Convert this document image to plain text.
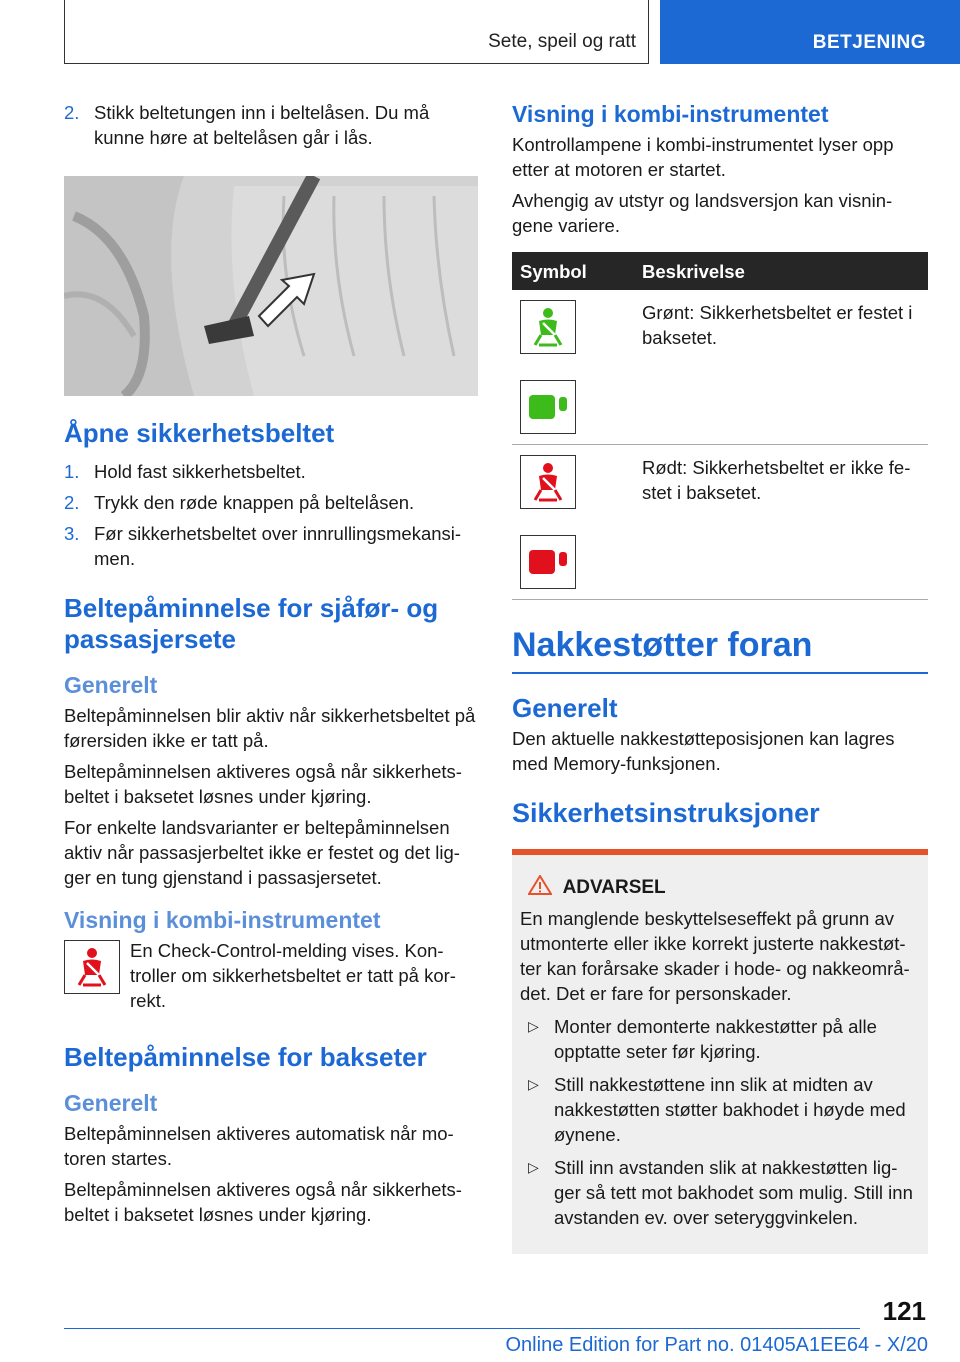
Sete, speil og ratt	BETJENING
2. Stikk beltetungen inn i beltelåsen. Du må kunne høre at beltelåsen går i lås.
Åpne sikkerhetsbeltet
1. Hold fast sikkerhetsbeltet.
2. Trykk den røde knappen på beltelåsen.
3. Før sikkerhetsbeltet over innrullingsmekansi‐men.
Beltepåminnelse for sjåfør- og passasjersete
Generelt

Beltepåminnelsen blir aktiv når sikkerhetsbeltet på førersiden ikke er tatt på.

Beltepåminnelsen aktiveres også når sikkerhets‐beltet i baksetet løsnes under kjøring.

For enkelte landsvarianter er beltepåminnelsen aktiv når passasjerbeltet ikke er festet og det lig‐ger en tung gjenstand i passasjersetet.

Visning i kombi-instrumentet

En Check-Control-melding vises. Kon‐troller om sikkerhetsbeltet er tatt på kor‐rekt.

Beltepåminnelse for bakseter
Generelt

Beltepåminnelsen aktiveres automatisk når mo‐toren startes.

Beltepåminnelsen aktiveres også når sikkerhets‐beltet i baksetet løsnes under kjøring.

Visning i kombi-instrumentet

Kontrollampene i kombi-instrumentet lyser opp etter at motoren er startet.

Avhengig av utstyr og landsversjon kan visnin‐gene variere.

Symbol	Beskrivelse

	Grønt: Sikkerhetsbeltet er festet i baksetet.

	Rødt: Sikkerhetsbeltet er ikke fe‐stet i baksetet.
Nakkestøtter foran
Generelt

Den aktuelle nakkestøtteposisjonen kan lagres med Memory-funksjonen.

Sikkerhetsinstruksjoner
ADVARSEL

En manglende beskyttelseseffekt på grunn av utmonterte eller ikke korrekt justerte nakkestøt‐ter kan forårsake skader i hode- og nakkeområ‐det. Det er fare for personskader.

▷ Monter demonterte nakkestøtter på alle opptatte seter før kjøring.
▷ Still nakkestøttene inn slik at midten av nakkestøtten støtter bakhodet i høyde med øynene.
▷ Still inn avstanden slik at nakkestøtten lig‐ger så tett mot bakhodet som mulig. Still inn avstanden ev. over seteryggvinkelen.
121
Online Edition for Part no. 01405A1EE64 - X/20
